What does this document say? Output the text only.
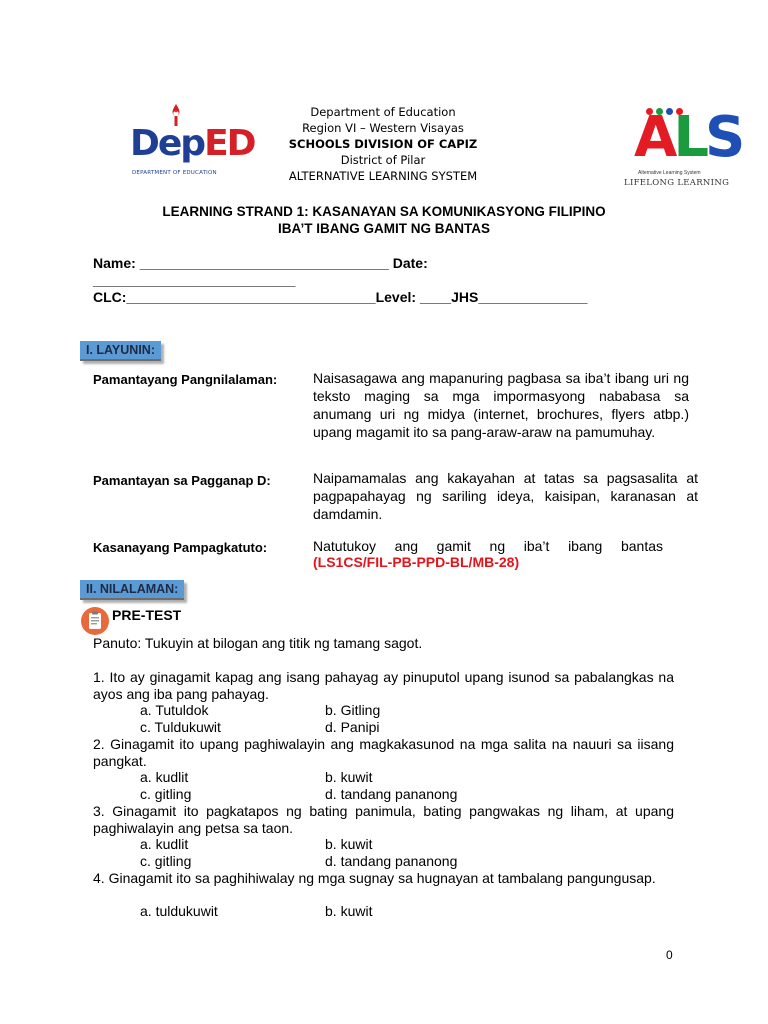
DepED
DEPARTMENT OF EDUCATION
Department of Education
Region VI – Western Visayas
SCHOOLS DIVISION OF CAPIZ
District of Pilar
ALTERNATIVE LEARNING SYSTEM
ALS
Alternative Learning System
LIFELONG LEARNING
LEARNING STRAND 1: KASANAYAN SA KOMUNIKASYONG FILIPINO
IBA’T IBANG GAMIT NG BANTAS
Name: ________________________________ Date:
__________________________
CLC:________________________________Level: ____JHS______________
I. LAYUNIN:
Pamantayang Pangnilalaman:	Naisasagawa ang mapanuring pagbasa sa iba’t ibang uri ng teksto maging sa mga impormasyong nababasa sa anumang uri ng midya (internet, brochures, flyers atbp.) upang magamit ito sa pang-araw-araw na pamumuhay.
Pamantayan sa Pagganap D:	Naipamamalas ang kakayahan at tatas sa pagsasalita at pagpapahayag ng sariling ideya, kaisipan, karanasan at damdamin.
Kasanayang Pampagkatuto:	Natutukoy ang gamit ng iba’t ibang bantas
(LS1CS/FIL-PB-PPD-BL/MB-28)
II. NILALAMAN:
PRE-TEST
Panuto: Tukuyin at bilogan ang titik ng tamang sagot.
1. Ito ay ginagamit kapag ang isang pahayag ay pinuputol upang isunod sa pabalangkas na ayos ang iba pang pahayag.
a. Tutuldok	b. Gitling
c. Tuldukuwit	d. Panipi
2. Ginagamit ito upang paghiwalayin ang magkakasunod na mga salita na nauuri sa iisang pangkat.
a. kudlit	b. kuwit
c. gitling	d. tandang pananong
3. Ginagamit ito pagkatapos ng bating panimula, bating pangwakas ng liham, at upang paghiwalayin ang petsa sa taon.
a. kudlit	b. kuwit
c. gitling	d. tandang pananong
4. Ginagamit ito sa paghihiwalay ng mga sugnay sa hugnayan at tambalang pangungusap.
a. tuldukuwit	b. kuwit
0
